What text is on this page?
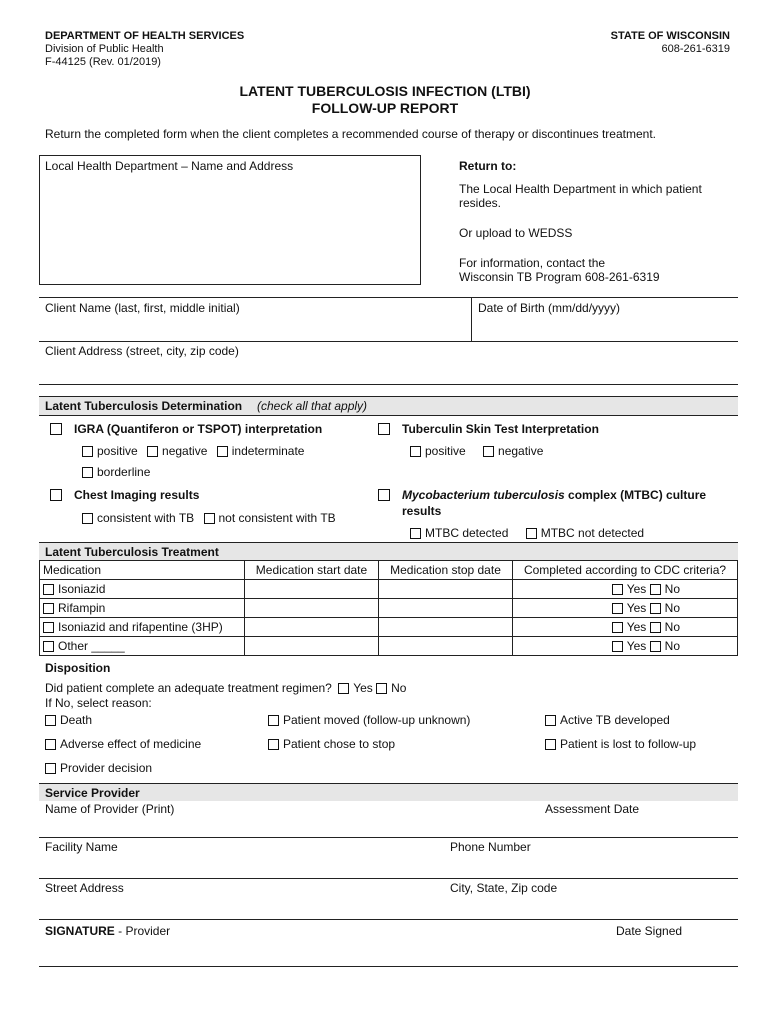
DEPARTMENT OF HEALTH SERVICES
Division of Public Health
F-44125 (Rev. 01/2019)
STATE OF WISCONSIN
608-261-6319
LATENT TUBERCULOSIS INFECTION (LTBI)
FOLLOW-UP REPORT
Return the completed form when the client completes a recommended course of therapy or discontinues treatment.
Local Health Department – Name and Address	Return to:
The Local Health Department in which patient
resides.
Or upload to WEDSS
For information, contact the
Wisconsin TB Program 608-261-6319
Client Name (last, first, middle initial)	Date of Birth (mm/dd/yyyy)
Client Address (street, city, zip code)
Latent Tuberculosis Determination (check all that apply)
IGRA (Quantiferon or TSPOT) interpretation
positive negative indeterminate
borderline
Tuberculin Skin Test Interpretation
positive	negative
Chest Imaging results
consistent with TB not consistent with TB
Mycobacterium tuberculosis complex (MTBC) culture
results
MTBC detected	MTBC not detected
Latent Tuberculosis Treatment
Medication	Medication start date	Medication stop date	Completed according to CDC criteria?
Isoniazid			Yes No
Rifampin			Yes No
Isoniazid and rifapentine (3HP)			Yes No
Other _____			Yes No
Disposition
Did patient complete an adequate treatment regimen? Yes No
If No, select reason:
Death	Patient moved (follow-up unknown)	Active TB developed
Adverse effect of medicine	Patient chose to stop	Patient is lost to follow-up
Provider decision
Service Provider
Name of Provider (Print)	Assessment Date
Facility Name	Phone Number
Street Address	City, State, Zip code
SIGNATURE - Provider	Date Signed
